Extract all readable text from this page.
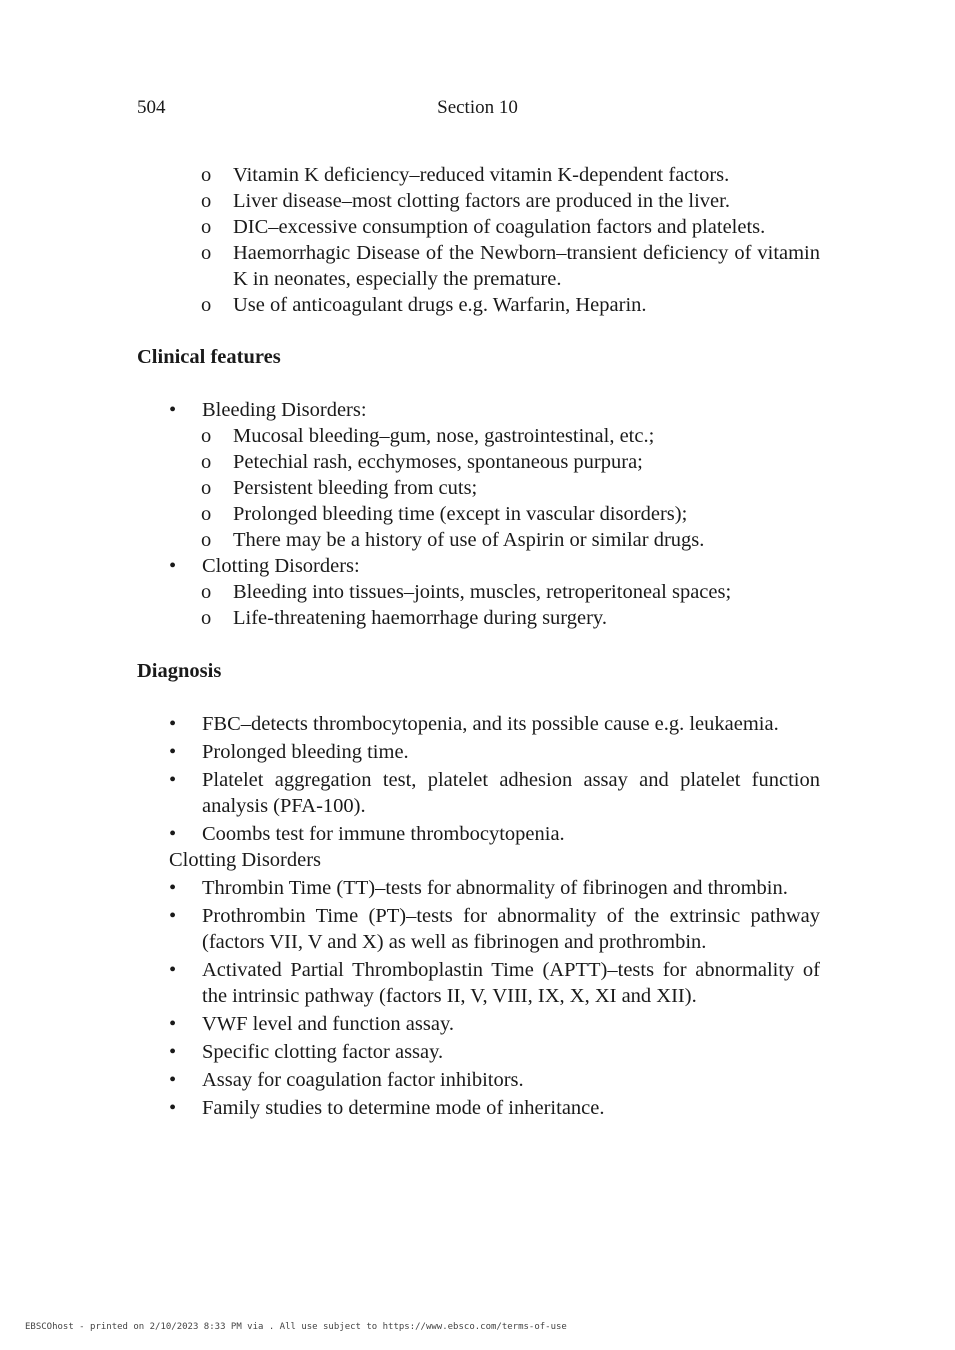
504	Section 10
o Vitamin K deficiency–reduced vitamin K-dependent factors.
o Liver disease–most clotting factors are produced in the liver.
o DIC–excessive consumption of coagulation factors and platelets.
o Haemorrhagic Disease of the Newborn–transient deficiency of vitamin K in neonates, especially the premature.
o Use of anticoagulant drugs e.g. Warfarin, Heparin.
Clinical features
• Bleeding Disorders:
o Mucosal bleeding–gum, nose, gastrointestinal, etc.;
o Petechial rash, ecchymoses, spontaneous purpura;
o Persistent bleeding from cuts;
o Prolonged bleeding time (except in vascular disorders);
o There may be a history of use of Aspirin or similar drugs.
• Clotting Disorders:
o Bleeding into tissues–joints, muscles, retroperitoneal spaces;
o Life-threatening haemorrhage during surgery.
Diagnosis
• FBC–detects thrombocytopenia, and its possible cause e.g. leukaemia.
• Prolonged bleeding time.
• Platelet aggregation test, platelet adhesion assay and platelet function analysis (PFA-100).
• Coombs test for immune thrombocytopenia.
Clotting Disorders
• Thrombin Time (TT)–tests for abnormality of fibrinogen and thrombin.
• Prothrombin Time (PT)–tests for abnormality of the extrinsic pathway (factors VII, V and X) as well as fibrinogen and prothrombin.
• Activated Partial Thromboplastin Time (APTT)–tests for abnormality of the intrinsic pathway (factors II, V, VIII, IX, X, XI and XII).
• VWF level and function assay.
• Specific clotting factor assay.
• Assay for coagulation factor inhibitors.
• Family studies to determine mode of inheritance.
EBSCOhost - printed on 2/10/2023 8:33 PM via . All use subject to https://www.ebsco.com/terms-of-use
